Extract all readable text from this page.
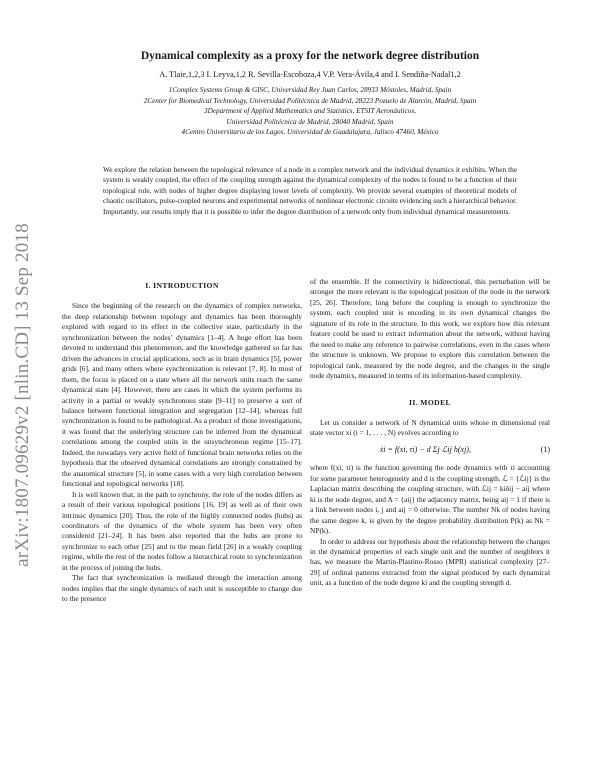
arXiv:1807.09629v2 [nlin.CD] 13 Sep 2018
Dynamical complexity as a proxy for the network degree distribution
A. Tlaie,1,2,3 I. Leyva,1,2 R. Sevilla-Escoboza,4 V.P. Vera-Ávila,4 and I. Sendiña-Nadal1,2
1Complex Systems Group & GISC, Universidad Rey Juan Carlos, 28933 Móstoles, Madrid, Spain
2Center for Biomedical Technology, Universidad Politécnica de Madrid, 28223 Pozuelo de Alarcón, Madrid, Spain
3Department of Applied Mathematics and Statistics, ETSIT Aeronáuticos,
Universidad Politécnica de Madrid, 28040 Madrid, Spain
4Centro Universitario de los Lagos, Universidad de Guadalajara, Jalisco 47460, México
We explore the relation between the topological relevance of a node in a complex network and the individual dynamics it exhibits. When the system is weakly coupled, the effect of the coupling strength against the dynamical complexity of the nodes is found to be a function of their topological role, with nodes of higher degree displaying lower levels of complexity. We provide several examples of theoretical models of chaotic oscillators, pulse-coupled neurons and experimental networks of nonlinear electronic circuits evidencing such a hierarchical behavior. Importantly, our results imply that it is possible to infer the degree distribution of a network only from individual dynamical measurements.
I. INTRODUCTION

Since the beginning of the research on the dynamics of complex networks, the deep relationship between topology and dynamics has been thoroughly explored with regard to its effect in the collective state, particularly in the synchronization between the nodes’ dynamics [1–4]. A huge effort has been devoted to understand this phenomenon, and the knowledge gathered so far has driven the advances in crucial applications, such as in brain dynamics [5], power grids [6], and many others where synchronization is relevant [7, 8]. In most of them, the focus is placed on a state where all the network units reach the same dynamical state [4]. However, there are cases in which the system performs its activity in a partial or weakly synchronous state [9–11] to preserve a sort of balance between functional integration and segregation [12–14], whereas full synchronization is found to be pathological. As a product of those investigations, it was found that the underlying structure can be inferred from the dynamical correlations among the coupled units in the unsynchronous regime [15–17]. Indeed, the nowadays very active field of functional brain networks relies on the hypothesis that the observed dynamical correlations are strongly constrained by the anatomical structure [5], in some cases with a very high correlation between functional and topological networks [18].

It is well known that, in the path to synchrony, the role of the nodes differs as a result of their various topological positions [16, 19] as well as of their own intrinsic dynamics [20]. Thus, the role of the highly connected nodes (hubs) as coordinators of the dynamics of the whole system has been very often considered [21–24]. It has been also reported that the hubs are prone to synchronize to each other [25] and to the mean field [26] in a weakly coupling regime, while the rest of the nodes follow a hierarchical route to synchronization in the process of joining the hubs.

The fact that synchronization is mediated through the interaction among nodes implies that the single dynamics of each unit is susceptible to change due to the presence

of the ensemble. If the connectivity is bidirectional, this perturbation will be stronger the more relevant is the topological position of the node in the network [25, 26]. Therefore, long before the coupling is enough to synchronize the system, each coupled unit is encoding in its own dynamical changes the signature of its role in the structure. In this work, we explore how this relevant feature could be used to extract information about the network, without having the need to make any reference to pairwise correlations, even in the cases where the structure is unknown. We propose to explore this correlation between the topological rank, measured by the node degree, and the changes in the single node dynamics, measured in terms of its information-based complexity.

II. MODEL

Let us consider a network of N dynamical units whose m dimensional real state vector xi (i = 1, . . . , N) evolves according to

ẋi = f(xi, τi) − d Σj ℒij h(xj),	(1)

where f(xi, τi) is the function governing the node dynamics with τi accounting for some parameter heterogeneity and d is the coupling strength. ℒ = {ℒij} is the Laplacian matrix describing the coupling structure, with ℒij = kiδij − aij where ki is the node degree, and A = {aij} the adjacency matrix, being aij = 1 if there is a link between nodes i, j and aij = 0 otherwise. The number Nk of nodes having the same degree k, is given by the degree probability distribution P(k) as Nk = NP(k).

In order to address our hypothesis about the relationship between the changes in the dynamical properties of each single unit and the number of neighbors it has, we measure the Martin-Plastino-Rosso (MPR) statistical complexity [27–29] of ordinal patterns extracted from the signal produced by each dynamical unit, as a function of the node degree ki and the coupling strength d.
